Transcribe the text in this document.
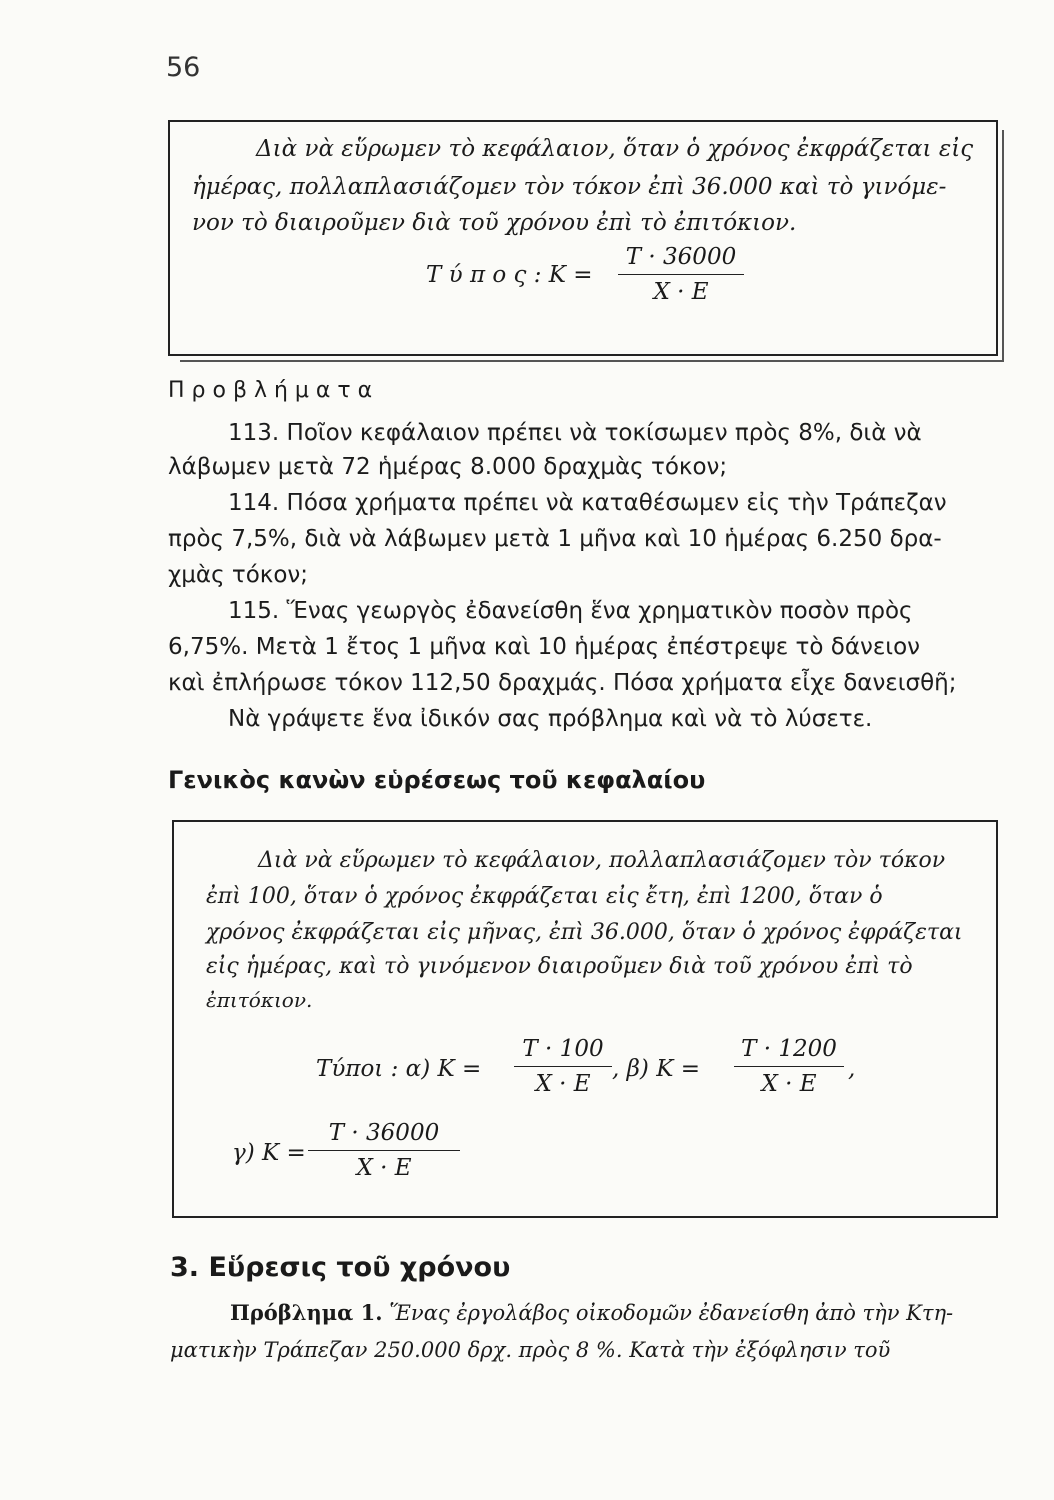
56
Διὰ νὰ εὕρωμεν τὸ κεφάλαιον, ὅταν ὁ χρόνος ἐκφράζεται εἰς
ἡμέρας, πολλαπλασιάζομεν τὸν τόκον ἐπὶ 36.000 καὶ τὸ γινόμε-
νον τὸ διαιροῦμεν διὰ τοῦ χρόνου ἐπὶ τὸ ἐπιτόκιον.
Τ ύ π ο ς : $K = \frac{T \cdot 36000}{X \cdot E}$
Π ρ ο β λ ή μ α τ α
113. Ποῖον κεφάλαιον πρέπει νὰ τοκίσωμεν πρὸς 8%, διὰ νὰ
λάβωμεν μετὰ 72 ἡμέρας 8.000 δραχμὰς τόκον;
114. Πόσα χρήματα πρέπει νὰ καταθέσωμεν εἰς τὴν Τράπεζαν
πρὸς 7,5%, διὰ νὰ λάβωμεν μετὰ 1 μῆνα καὶ 10 ἡμέρας 6.250 δρα-
χμὰς τόκον;
115. Ἕνας γεωργὸς ἐδανείσθη ἕνα χρηματικὸν ποσὸν πρὸς
6,75%. Μετὰ 1 ἔτος 1 μῆνα καὶ 10 ἡμέρας ἐπέστρεψε τὸ δάνειον
καὶ ἐπλήρωσε τόκον 112,50 δραχμάς. Πόσα χρήματα εἶχε δανεισθῆ;
Νὰ γράψετε ἕνα ἰδικόν σας πρόβλημα καὶ νὰ τὸ λύσετε.
Γενικὸς κανὼν εὑρέσεως τοῦ κεφαλαίου
Διὰ νὰ εὕρωμεν τὸ κεφάλαιον, πολλαπλασιάζομεν τὸν τόκον
ἐπὶ 100, ὅταν ὁ χρόνος ἐκφράζεται εἰς ἔτη, ἐπὶ 1200, ὅταν ὁ
χρόνος ἐκφράζεται εἰς μῆνας, ἐπὶ 36.000, ὅταν ὁ χρόνος ἐφράζεται
εἰς ἡμέρας, καὶ τὸ γινόμενον διαιροῦμεν διὰ τοῦ χρόνου ἐπὶ τὸ
ἐπιτόκιον.
Τύποι : α) $K = \frac{T \cdot 100}{X \cdot E}$ , β) $K = \frac{T \cdot 1200}{X \cdot E}$ ,
γ) $K = \frac{T \cdot 36000}{X \cdot E}$
3. Εὕρεσις τοῦ χρόνου
Πρόβλημα 1. Ἕνας ἐργολάβος οἰκοδομῶν ἐδανείσθη ἀπὸ τὴν Κτη-
ματικὴν Τράπεζαν 250.000 δρχ. πρὸς 8 %. Κατὰ τὴν ἐξόφλησιν τοῦ
